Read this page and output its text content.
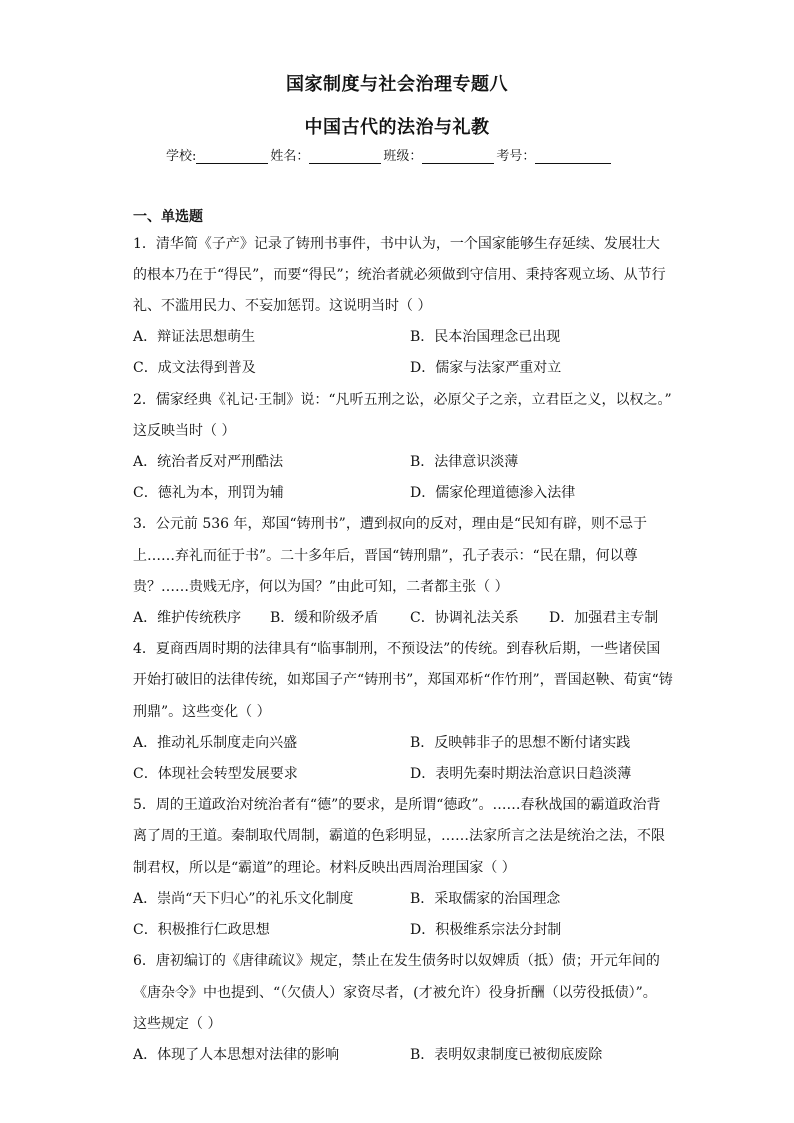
国家制度与社会治理专题八
中国古代的法治与礼教
学校:	姓名：	班级：	考号：
一、单选题
1．清华简《子产》记录了铸刑书事件，书中认为，一个国家能够生存延续、发展壮大
的根本乃在于“得民”，而要“得民”；统治者就必须做到守信用、秉持客观立场、从节行
礼、不滥用民力、不妄加惩罚。这说明当时（ ）
A．辩证法思想萌生	B．民本治国理念已出现
C．成文法得到普及	D．儒家与法家严重对立
2．儒家经典《礼记·王制》说：“凡听五刑之讼，必原父子之亲，立君臣之义，以权之。”
这反映当时（ ）
A．统治者反对严刑酷法	B．法律意识淡薄
C．德礼为本，刑罚为辅	D．儒家伦理道德渗入法律
3．公元前 536 年，郑国“铸刑书”，遭到叔向的反对，理由是“民知有辟，则不忌于
上……弃礼而征于书”。二十多年后，晋国“铸刑鼎”，孔子表示：“民在鼎，何以尊
贵？……贵贱无序，何以为国？”由此可知，二者都主张（ ）
A．维护传统秩序 B．缓和阶级矛盾 C．协调礼法关系 D．加强君主专制
4．夏商西周时期的法律具有“临事制刑，不预设法”的传统。到春秋后期，一些诸侯国
开始打破旧的法律传统，如郑国子产“铸刑书”，郑国邓析“作竹刑”，晋国赵鞅、荀寅“铸
刑鼎”。这些变化（ ）
A．推动礼乐制度走向兴盛	B．反映韩非子的思想不断付诸实践
C．体现社会转型发展要求	D．表明先秦时期法治意识日趋淡薄
5．周的王道政治对统治者有“德”的要求，是所谓“德政”。……春秋战国的霸道政治背
离了周的王道。秦制取代周制，霸道的色彩明显，……法家所言之法是统治之法，不限
制君权，所以是“霸道”的理论。材料反映出西周治理国家（ ）
A．崇尚“天下归心”的礼乐文化制度	B．采取儒家的治国理念
C．积极推行仁政思想	D．积极维系宗法分封制
6．唐初编订的《唐律疏议》规定，禁止在发生债务时以奴婢质（抵）债；开元年间的
《唐杂令》中也提到、“（欠债人）家资尽者，(才被允许）役身折酬（以劳役抵债）”。
这些规定（ ）
A．体现了人本思想对法律的影响	B．表明奴隶制度已被彻底废除
